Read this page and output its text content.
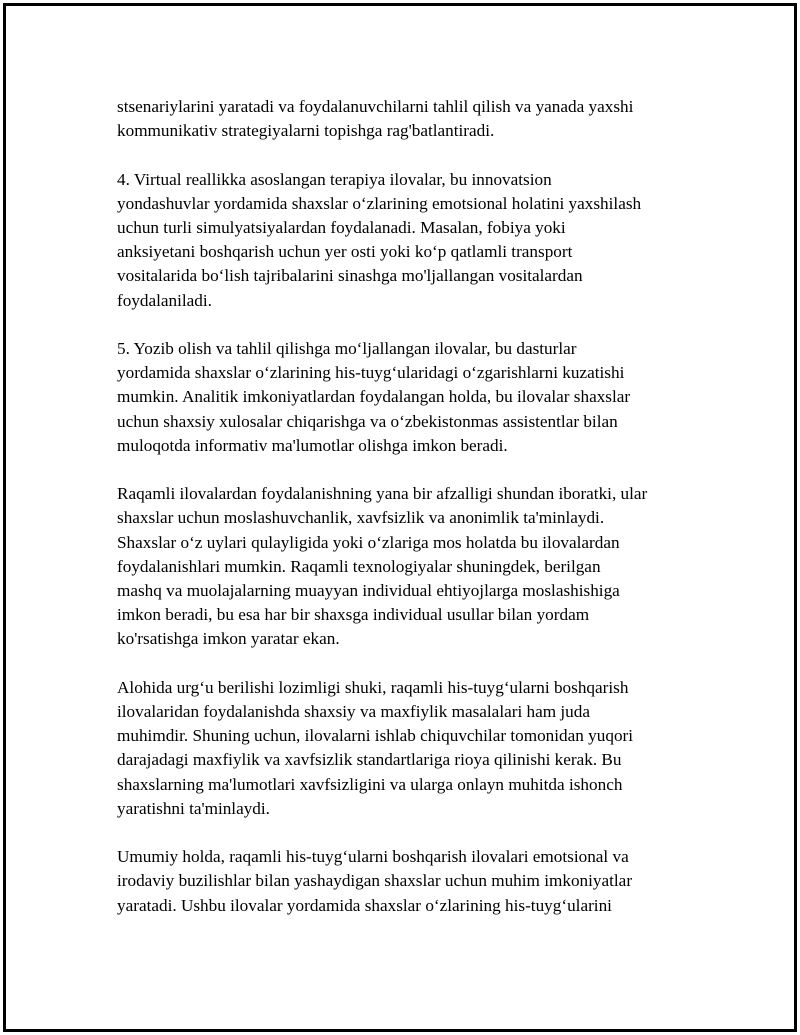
stsenariylarini yaratadi va foydalanuvchilarni tahlil qilish va yanada yaxshi
kommunikativ strategiyalarni topishga rag'batlantiradi.

4. Virtual reallikka asoslangan terapiya ilovalar, bu innovatsion
yondashuvlar yordamida shaxslar o‘zlarining emotsional holatini yaxshilash
uchun turli simulyatsiyalardan foydalanadi. Masalan, fobiya yoki
anksiyetani boshqarish uchun yer osti yoki ko‘p qatlamli transport
vositalarida bo‘lish tajribalarini sinashga mo'ljallangan vositalardan
foydalaniladi.

5. Yozib olish va tahlil qilishga mo‘ljallangan ilovalar, bu dasturlar
yordamida shaxslar o‘zlarining his-tuyg‘ularidagi o‘zgarishlarni kuzatishi
mumkin. Analitik imkoniyatlardan foydalangan holda, bu ilovalar shaxslar
uchun shaxsiy xulosalar chiqarishga va o‘zbekistonmas assistentlar bilan
muloqotda informativ ma'lumotlar olishga imkon beradi.

Raqamli ilovalardan foydalanishning yana bir afzalligi shundan iboratki, ular
shaxslar uchun moslashuvchanlik, xavfsizlik va anonimlik ta'minlaydi.
Shaxslar o‘z uylari qulayligida yoki o‘zlariga mos holatda bu ilovalardan
foydalanishlari mumkin. Raqamli texnologiyalar shuningdek, berilgan
mashq va muolajalarning muayyan individual ehtiyojlarga moslashishiga
imkon beradi, bu esa har bir shaxsga individual usullar bilan yordam
ko'rsatishga imkon yaratar ekan.

Alohida urg‘u berilishi lozimligi shuki, raqamli his-tuyg‘ularni boshqarish
ilovalaridan foydalanishda shaxsiy va maxfiylik masalalari ham juda
muhimdir. Shuning uchun, ilovalarni ishlab chiquvchilar tomonidan yuqori
darajadagi maxfiylik va xavfsizlik standartlariga rioya qilinishi kerak. Bu
shaxslarning ma'lumotlari xavfsizligini va ularga onlayn muhitda ishonch
yaratishni ta'minlaydi.

Umumiy holda, raqamli his-tuyg‘ularni boshqarish ilovalari emotsional va
irodaviy buzilishlar bilan yashaydigan shaxslar uchun muhim imkoniyatlar
yaratadi. Ushbu ilovalar yordamida shaxslar o‘zlarining his-tuyg‘ularini
